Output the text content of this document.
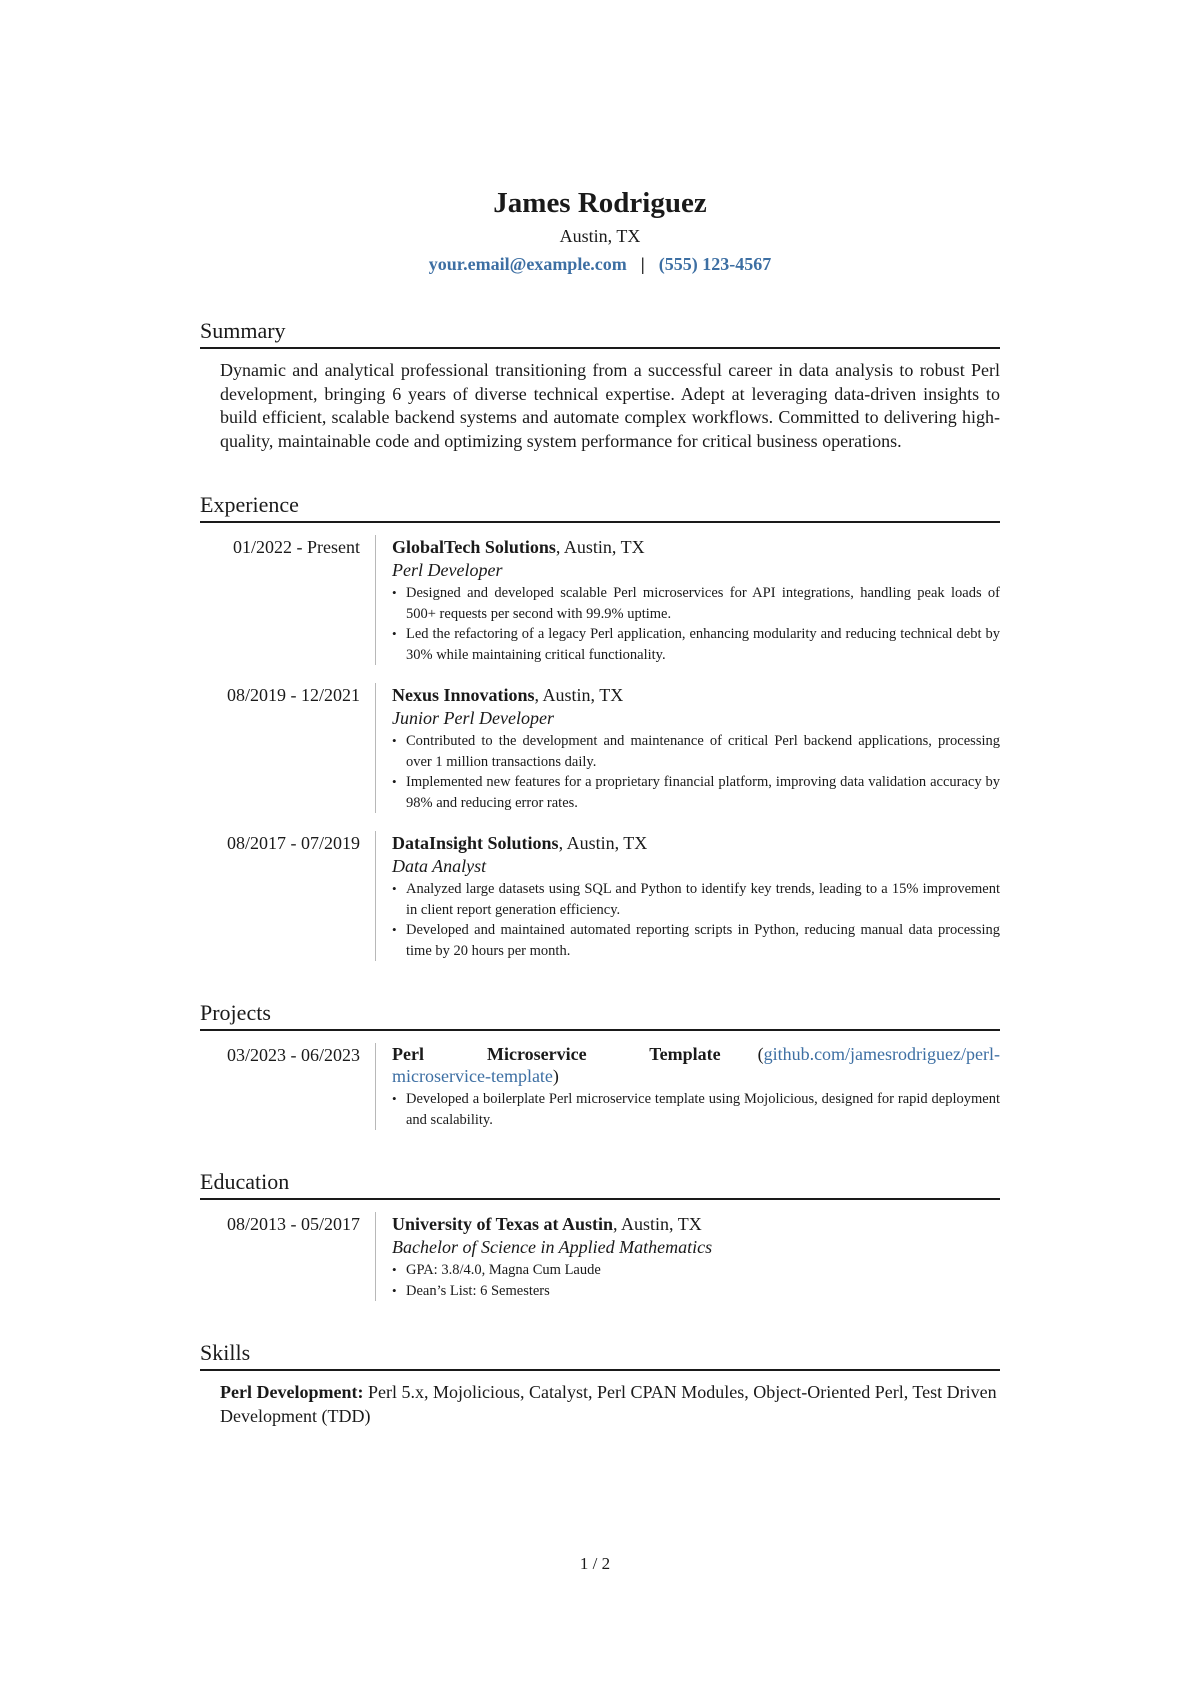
James Rodriguez
Austin, TX
your.email@example.com | (555) 123-4567
Summary

Dynamic and analytical professional transitioning from a successful career in data analysis to robust Perl development, bringing 6 years of diverse technical expertise. Adept at leveraging data-driven insights to build efficient, scalable backend systems and automate complex workflows. Committed to delivering high-quality, maintainable code and optimizing system performance for critical business operations.

Experience
01/2022 - Present	GlobalTech Solutions, Austin, TX
Perl Developer
• Designed and developed scalable Perl microservices for API integrations, handling peak loads of 500+ requests per second with 99.9% uptime.
• Led the refactoring of a legacy Perl application, enhancing modularity and reducing technical debt by 30% while maintaining critical functionality.
08/2019 - 12/2021	Nexus Innovations, Austin, TX
Junior Perl Developer
• Contributed to the development and maintenance of critical Perl backend applications, processing over 1 million transactions daily.
• Implemented new features for a proprietary financial platform, improving data validation accuracy by 98% and reducing error rates.
08/2017 - 07/2019	DataInsight Solutions, Austin, TX
Data Analyst
• Analyzed large datasets using SQL and Python to identify key trends, leading to a 15% improvement in client report generation efficiency.
• Developed and maintained automated reporting scripts in Python, reducing manual data processing time by 20 hours per month.
Projects
03/2023 - 06/2023	Perl Microservice Template (github.com/jamesrodriguez/perl-microservice-template)
• Developed a boilerplate Perl microservice template using Mojolicious, designed for rapid deployment and scalability.
Education
08/2013 - 05/2017	University of Texas at Austin, Austin, TX
Bachelor of Science in Applied Mathematics
• GPA: 3.8/4.0, Magna Cum Laude
• Dean’s List: 6 Semesters
Skills

Perl Development: Perl 5.x, Mojolicious, Catalyst, Perl CPAN Modules, Object-Oriented Perl, Test Driven Development (TDD)

1 / 2
